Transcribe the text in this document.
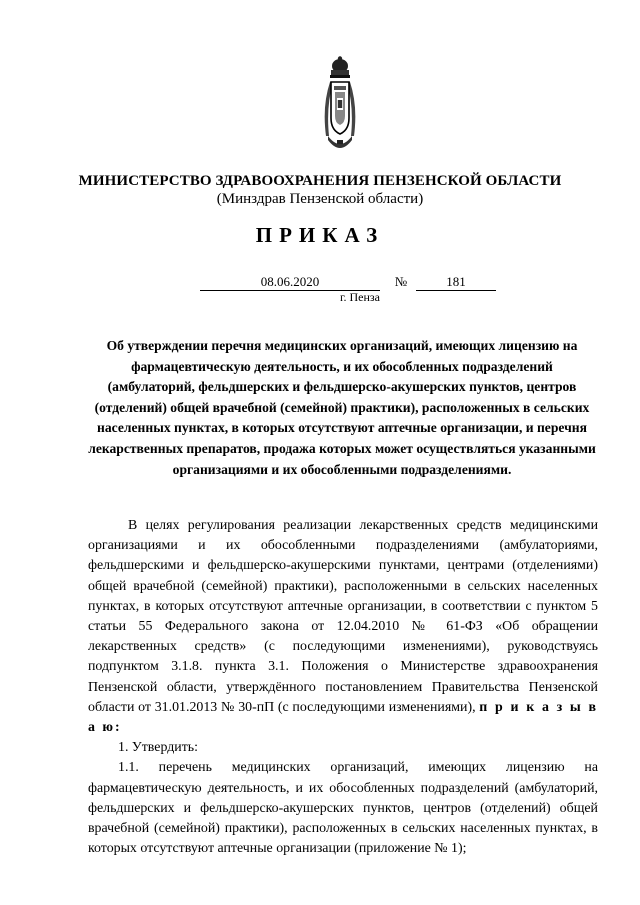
МИНИСТЕРСТВО ЗДРАВООХРАНЕНИЯ ПЕНЗЕНСКОЙ ОБЛАСТИ
(Минздрав Пензенской области)
ПРИКАЗ
08.06.2020	№	181
г. Пенза

Об утверждении перечня медицинских организаций, имеющих лицензию на фармацевтическую деятельность, и их обособленных подразделений (амбулаторий, фельдшерских и фельдшерско-акушерских пунктов, центров (отделений) общей врачебной (семейной) практики), расположенных в сельских населенных пунктах, в которых отсутствуют аптечные организации, и перечня лекарственных препаратов, продажа которых может осуществляться указанными организациями и их обособленными подразделениями.

В целях регулирования реализации лекарственных средств медицинскими организациями и их обособленными подразделениями (амбулаториями, фельдшерскими и фельдшерско-акушерскими пунктами, центрами (отделениями) общей врачебной (семейной) практики), расположенными в сельских населенных пунктах, в которых отсутствуют аптечные организации, в соответствии с пунктом 5 статьи 55 Федерального закона от 12.04.2010 № 61-ФЗ «Об обращении лекарственных средств» (с последующими изменениями), руководствуясь подпунктом 3.1.8. пункта 3.1. Положения о Министерстве здравоохранения Пензенской области, утверждённого постановлением Правительства Пензенской области от 31.01.2013 № 30-пП (с последующими изменениями), п р и к а з ы в а ю:

1. Утвердить:

1.1. перечень медицинских организаций, имеющих лицензию на фармацевтическую деятельность, и их обособленных подразделений (амбулаторий, фельдшерских и фельдшерско-акушерских пунктов, центров (отделений) общей врачебной (семейной) практики), расположенных в сельских населенных пунктах, в которых отсутствуют аптечные организации (приложение № 1);
